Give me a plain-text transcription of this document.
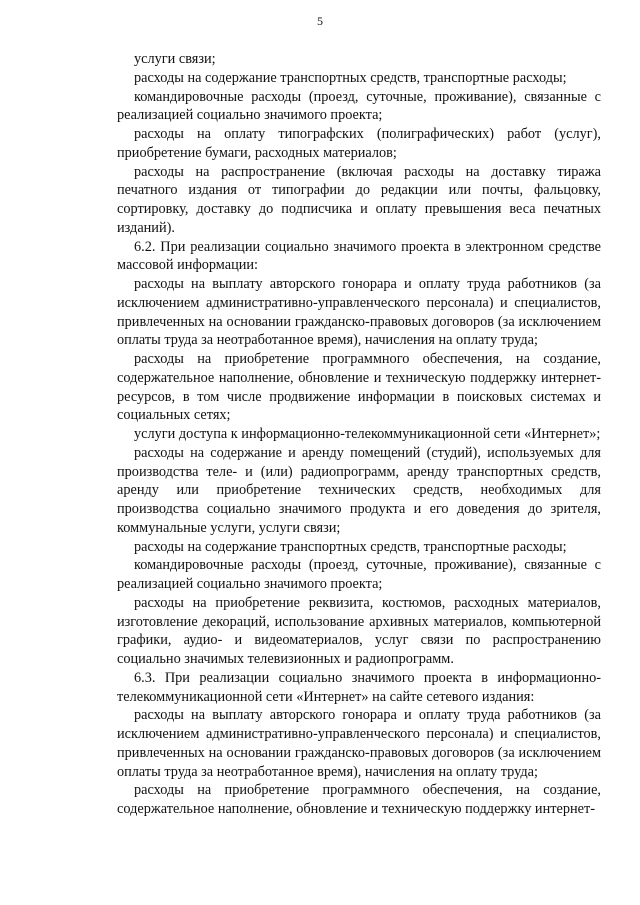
5

услуги связи;

расходы на содержание транспортных средств, транспортные расходы;

командировочные расходы (проезд, суточные, проживание), связанные с реализацией социально значимого проекта;

расходы на оплату типографских (полиграфических) работ (услуг), приобретение бумаги, расходных материалов;

расходы на распространение (включая расходы на доставку тиража печатного издания от типографии до редакции или почты, фальцовку, сортировку, доставку до подписчика и оплату превышения веса печатных изданий).

6.2. При реализации социально значимого проекта в электронном средстве массовой информации:

расходы на выплату авторского гонорара и оплату труда работников (за исключением административно-управленческого персонала) и специалистов, привлеченных на основании гражданско-правовых договоров (за исключением оплаты труда за неотработанное время), начисления на оплату труда;

расходы на приобретение программного обеспечения, на создание, содержательное наполнение, обновление и техническую поддержку интернет-ресурсов, в том числе продвижение информации в поисковых системах и социальных сетях;

услуги доступа к информационно-телекоммуникационной сети «Интернет»;

расходы на содержание и аренду помещений (студий), используемых для производства теле- и (или) радиопрограмм, аренду транспортных средств, аренду или приобретение технических средств, необходимых для производства социально значимого продукта и его доведения до зрителя, коммунальные услуги, услуги связи;

расходы на содержание транспортных средств, транспортные расходы;

командировочные расходы (проезд, суточные, проживание), связанные с реализацией социально значимого проекта;

расходы на приобретение реквизита, костюмов, расходных материалов, изготовление декораций, использование архивных материалов, компьютерной графики, аудио- и видеоматериалов, услуг связи по распространению социально значимых телевизионных и радиопрограмм.

6.3. При реализации социально значимого проекта в информационно-телекоммуникационной сети «Интернет» на сайте сетевого издания:

расходы на выплату авторского гонорара и оплату труда работников (за исключением административно-управленческого персонала) и специалистов, привлеченных на основании гражданско-правовых договоров (за исключением оплаты труда за неотработанное время), начисления на оплату труда;

расходы на приобретение программного обеспечения, на создание, содержательное наполнение, обновление и техническую поддержку интернет-
